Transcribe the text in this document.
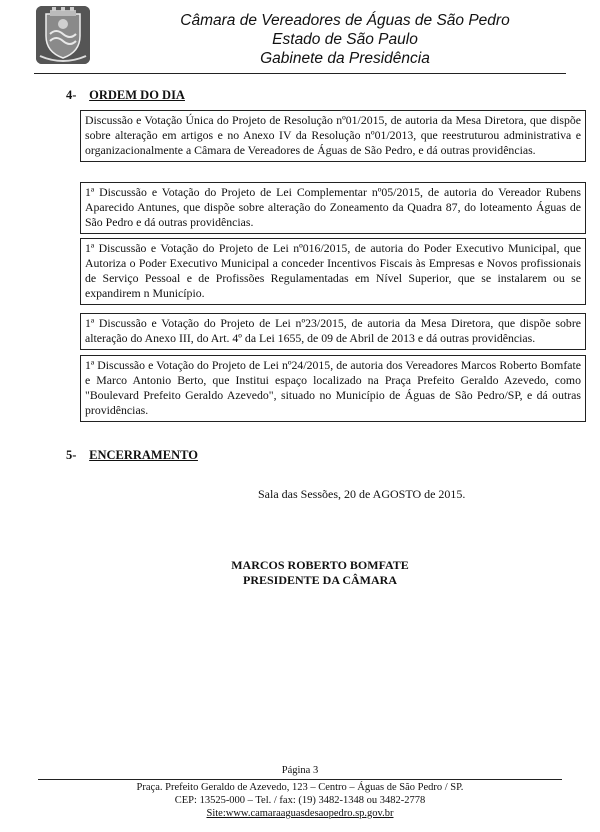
Câmara de Vereadores de Águas de São Pedro
Estado de São Paulo
Gabinete da Presidência
4- ORDEM DO DIA
Discussão e Votação Única do Projeto de Resolução nº01/2015, de autoria da Mesa Diretora, que dispõe sobre alteração em artigos e no Anexo IV da Resolução nº01/2013, que reestruturou administrativa e organizacionalmente a Câmara de Vereadores de Águas de São Pedro, e dá outras providências.
1ª Discussão e Votação do Projeto de Lei Complementar nº05/2015, de autoria do Vereador Rubens Aparecido Antunes, que dispõe sobre alteração do Zoneamento da Quadra 87, do loteamento Águas de São Pedro e dá outras providências.
1ª Discussão e Votação do Projeto de Lei nº016/2015, de autoria do Poder Executivo Municipal, que Autoriza o Poder Executivo Municipal a conceder Incentivos Fiscais às Empresas e Novos profissionais de Serviço Pessoal e de Profissões Regulamentadas em Nível Superior, que se instalarem ou se expandirem n Município.
1ª Discussão e Votação do Projeto de Lei nº23/2015, de autoria da Mesa Diretora, que dispõe sobre alteração do Anexo III, do Art. 4º da Lei 1655, de 09 de Abril de 2013 e dá outras providências.
1ª Discussão e Votação do Projeto de Lei nº24/2015, de autoria dos Vereadores Marcos Roberto Bomfate e Marco Antonio Berto, que Institui espaço localizado na Praça Prefeito Geraldo Azevedo, como "Boulevard Prefeito Geraldo Azevedo", situado no Município de Águas de São Pedro/SP, e dá outras providências.
5- ENCERRAMENTO
Sala das Sessões, 20 de AGOSTO de 2015.
MARCOS ROBERTO BOMFATE
PRESIDENTE DA CÂMARA
Página 3
Praça. Prefeito Geraldo de Azevedo, 123 – Centro – Águas de São Pedro / SP.
CEP: 13525-000 – Tel. / fax: (19) 3482-1348 ou 3482-2778
Site:www.camaraaguasdesaopedro.sp.gov.br
